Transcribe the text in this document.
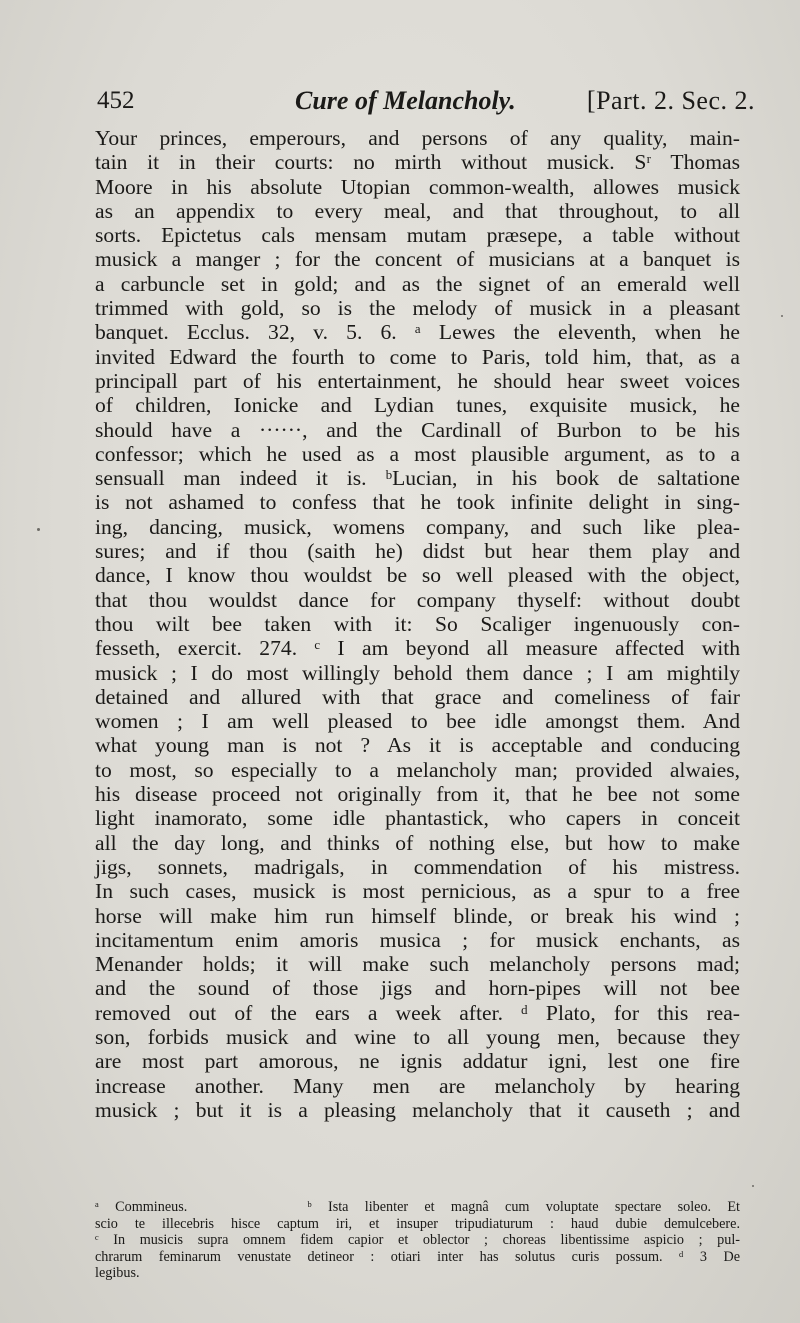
452	Cure of Melancholy.	[Part. 2. Sec. 2.
Your princes, emperours, and persons of any quality, main-
tain it in their courts: no mirth without musick. Sʳ Thomas
Moore in his absolute Utopian common-wealth, allowes musick
as an appendix to every meal, and that throughout, to all
sorts. Epictetus cals mensam mutam præsepe, a table without
musick a manger ; for the concent of musicians at a banquet is
a carbuncle set in gold; and as the signet of an emerald well
trimmed with gold, so is the melody of musick in a pleasant
banquet. Ecclus. 32, v. 5. 6. ᵃ Lewes the eleventh, when he
invited Edward the fourth to come to Paris, told him, that, as a
principall part of his entertainment, he should hear sweet voices
of children, Ionicke and Lydian tunes, exquisite musick, he
should have a ······, and the Cardinall of Burbon to be his
confessor; which he used as a most plausible argument, as to a
sensuall man indeed it is. ᵇLucian, in his book de saltatione
is not ashamed to confess that he took infinite delight in sing-
ing, dancing, musick, womens company, and such like plea-
sures; and if thou (saith he) didst but hear them play and
dance, I know thou wouldst be so well pleased with the object,
that thou wouldst dance for company thyself: without doubt
thou wilt bee taken with it: So Scaliger ingenuously con-
fesseth, exercit. 274. ᶜ I am beyond all measure affected with
musick ; I do most willingly behold them dance ; I am mightily
detained and allured with that grace and comeliness of fair
women ; I am well pleased to bee idle amongst them. And
what young man is not ? As it is acceptable and conducing
to most, so especially to a melancholy man; provided alwaies,
his disease proceed not originally from it, that he bee not some
light inamorato, some idle phantastick, who capers in conceit
all the day long, and thinks of nothing else, but how to make
jigs, sonnets, madrigals, in commendation of his mistress.
In such cases, musick is most pernicious, as a spur to a free
horse will make him run himself blinde, or break his wind ;
incitamentum enim amoris musica ; for musick enchants, as
Menander holds; it will make such melancholy persons mad;
and the sound of those jigs and horn-pipes will not bee
removed out of the ears a week after. ᵈ Plato, for this rea-
son, forbids musick and wine to all young men, because they
are most part amorous, ne ignis addatur igni, lest one fire
increase another. Many men are melancholy by hearing
musick ; but it is a pleasing melancholy that it causeth ; and
ᵃ Commineus.	ᵇ Ista libenter et magnâ cum voluptate spectare soleo. Et
scio te illecebris hisce captum iri, et insuper tripudiaturum : haud dubie demulcebere.
ᶜ In musicis supra omnem fidem capior et oblector ; choreas libentissime aspicio ; pul-
chrarum feminarum venustate detineor : otiari inter has solutus curis possum. ᵈ 3 De
legibus.
